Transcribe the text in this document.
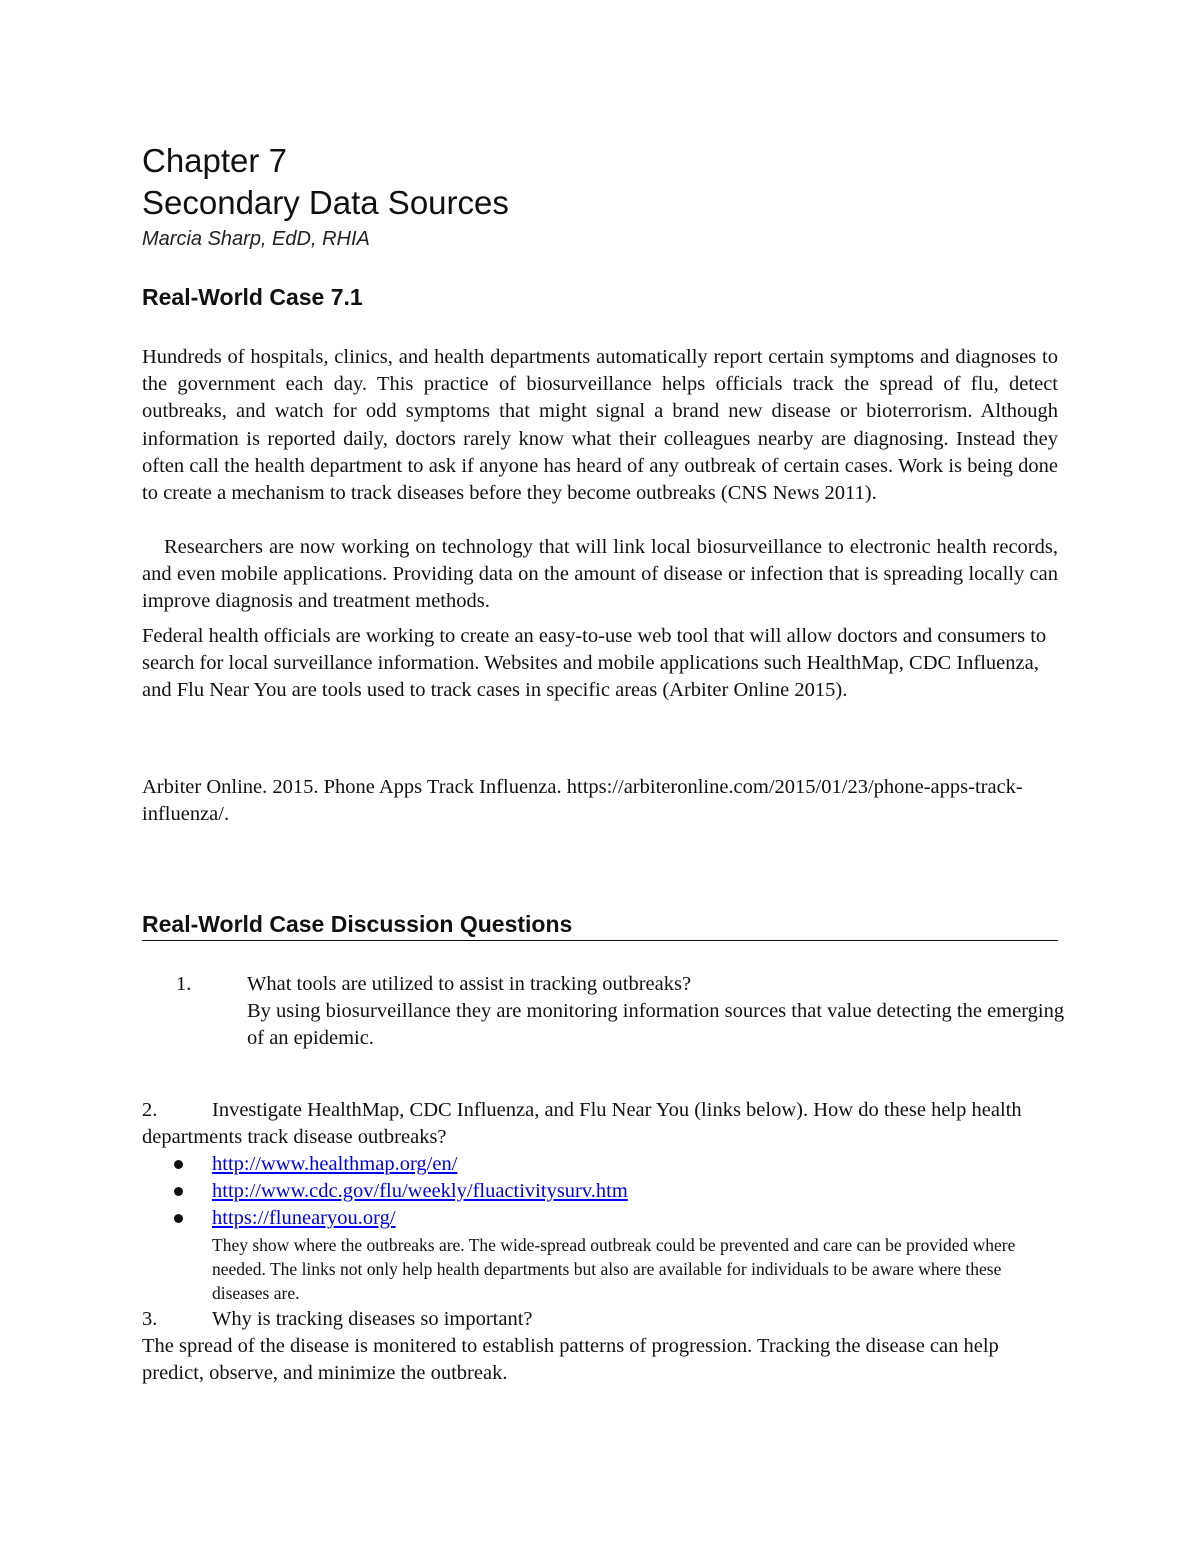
Chapter 7
Secondary Data Sources
Marcia Sharp, EdD, RHIA
Real-World Case 7.1

Hundreds of hospitals, clinics, and health departments automatically report certain symptoms and diagnoses to the government each day. This practice of biosurveillance helps officials track the spread of flu, detect outbreaks, and watch for odd symptoms that might signal a brand new disease or bioterrorism. Although information is reported daily, doctors rarely know what their colleagues nearby are diagnosing. Instead they often call the health department to ask if anyone has heard of any outbreak of certain cases. Work is being done to create a mechanism to track diseases before they become outbreaks (CNS News 2011).

Researchers are now working on technology that will link local biosurveillance to electronic health records, and even mobile applications. Providing data on the amount of disease or infection that is spreading locally can improve diagnosis and treatment methods.

Federal health officials are working to create an easy-to-use web tool that will allow doctors and consumers to search for local surveillance information. Websites and mobile applications such HealthMap, CDC Influenza, and Flu Near You are tools used to track cases in specific areas (Arbiter Online 2015).

Arbiter Online. 2015. Phone Apps Track Influenza. https://arbiteronline.com/2015/01/23/phone-apps-track-influenza/.

Real-World Case Discussion Questions
1.	What tools are utilized to assist in tracking outbreaks?
By using biosurveillance they are monitoring information sources that value detecting the emerging of an epidemic.
2.	Investigate HealthMap, CDC Influenza, and Flu Near You (links below). How do these help health departments track disease outbreaks?
http://www.healthmap.org/en/
http://www.cdc.gov/flu/weekly/fluactivitysurv.htm
https://flunearyou.org/

They show where the outbreaks are. The wide-spread outbreak could be prevented and care can be provided where needed. The links not only help health departments but also are available for individuals to be aware where these diseases are.

3.	Why is tracking diseases so important?

The spread of the disease is monitered to establish patterns of progression. Tracking the disease can help predict, observe, and minimize the outbreak.
